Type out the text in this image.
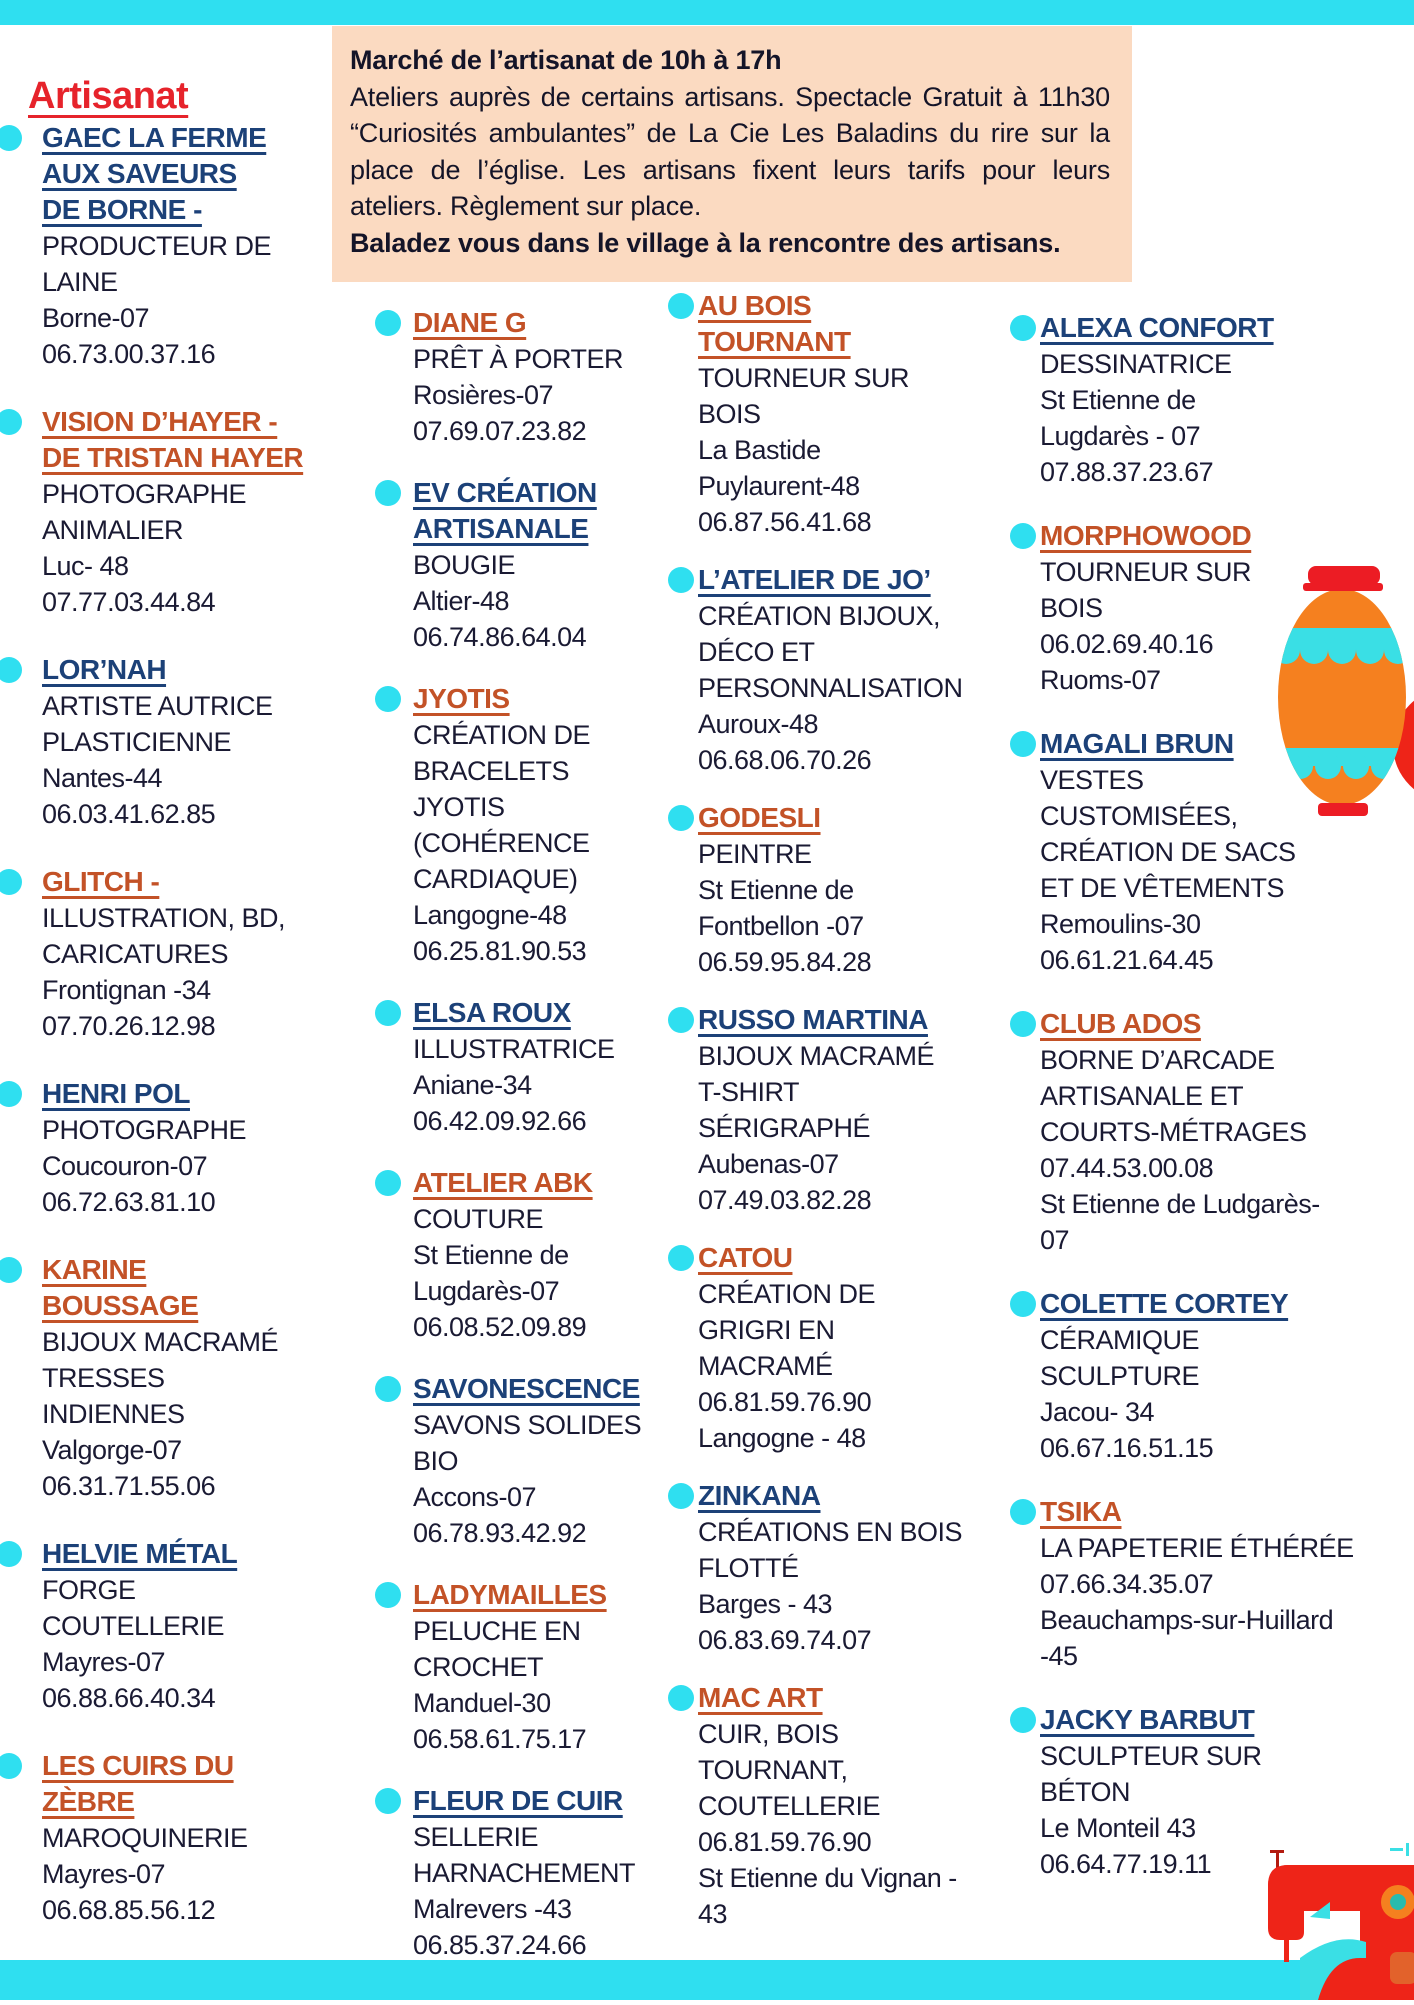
Artisanat
Marché de l’artisanat de 10h à 17h
Ateliers auprès de certains artisans. Spectacle Gratuit à 11h30 “Curiosités ambulantes” de La Cie Les Baladins du rire sur la place de l’église. Les artisans fixent leurs tarifs pour leurs ateliers. Règlement sur place.
Baladez vous dans le village à la rencontre des artisans.
GAEC LA FERME
AUX SAVEURS
DE BORNE -
PRODUCTEUR DE
LAINE
Borne-07
06.73.00.37.16
VISION D’HAYER -
DE TRISTAN HAYER
PHOTOGRAPHE
ANIMALIER
Luc- 48
07.77.03.44.84
LOR’NAH
ARTISTE AUTRICE
PLASTICIENNE
Nantes-44
06.03.41.62.85
GLITCH -
ILLUSTRATION, BD,
CARICATURES
Frontignan -34
07.70.26.12.98
HENRI POL
PHOTOGRAPHE
Coucouron-07
06.72.63.81.10
KARINE
BOUSSAGE
BIJOUX MACRAMÉ
TRESSES
INDIENNES
Valgorge-07
06.31.71.55.06
HELVIE MÉTAL
FORGE
COUTELLERIE
Mayres-07
06.88.66.40.34
LES CUIRS DU
ZÈBRE
MAROQUINERIE
Mayres-07
06.68.85.56.12
DIANE G
PRÊT À PORTER
Rosières-07
07.69.07.23.82
EV CRÉATION
ARTISANALE
BOUGIE
Altier-48
06.74.86.64.04
JYOTIS
CRÉATION DE
BRACELETS
JYOTIS
(COHÉRENCE
CARDIAQUE)
Langogne-48
06.25.81.90.53
ELSA ROUX
ILLUSTRATRICE
Aniane-34
06.42.09.92.66
ATELIER ABK
COUTURE
St Etienne de
Lugdarès-07
06.08.52.09.89
SAVONESCENCE
SAVONS SOLIDES
BIO
Accons-07
06.78.93.42.92
LADYMAILLES
PELUCHE EN
CROCHET
Manduel-30
06.58.61.75.17
FLEUR DE CUIR
SELLERIE
HARNACHEMENT
Malrevers -43
06.85.37.24.66
AU BOIS
TOURNANT
TOURNEUR SUR
BOIS
La Bastide
Puylaurent-48
06.87.56.41.68
L’ATELIER DE JO’
CRÉATION BIJOUX,
DÉCO ET
PERSONNALISATION
Auroux-48
06.68.06.70.26
GODESLI
PEINTRE
St Etienne de
Fontbellon -07
06.59.95.84.28
RUSSO MARTINA
BIJOUX MACRAMÉ
T-SHIRT
SÉRIGRAPHÉ
Aubenas-07
07.49.03.82.28
CATOU
CRÉATION DE
GRIGRI EN
MACRAMÉ
06.81.59.76.90
Langogne - 48
ZINKANA
CRÉATIONS EN BOIS
FLOTTÉ
Barges - 43
06.83.69.74.07
MAC ART
CUIR, BOIS
TOURNANT,
COUTELLERIE
06.81.59.76.90
St Etienne du Vignan -
43
ALEXA CONFORT
DESSINATRICE
St Etienne de
Lugdarès - 07
07.88.37.23.67
MORPHOWOOD
TOURNEUR SUR
BOIS
06.02.69.40.16
Ruoms-07
MAGALI BRUN
VESTES
CUSTOMISÉES,
CRÉATION DE SACS
ET DE VÊTEMENTS
Remoulins-30
06.61.21.64.45
CLUB ADOS
BORNE D’ARCADE
ARTISANALE ET
COURTS-MÉTRAGES
07.44.53.00.08
St Etienne de Ludgarès-
07
COLETTE CORTEY
CÉRAMIQUE
SCULPTURE
Jacou- 34
06.67.16.51.15
TSIKA
LA PAPETERIE ÉTHÉRÉE
07.66.34.35.07
Beauchamps-sur-Huillard
-45
JACKY BARBUT
SCULPTEUR SUR
BÉTON
Le Monteil 43
06.64.77.19.11
